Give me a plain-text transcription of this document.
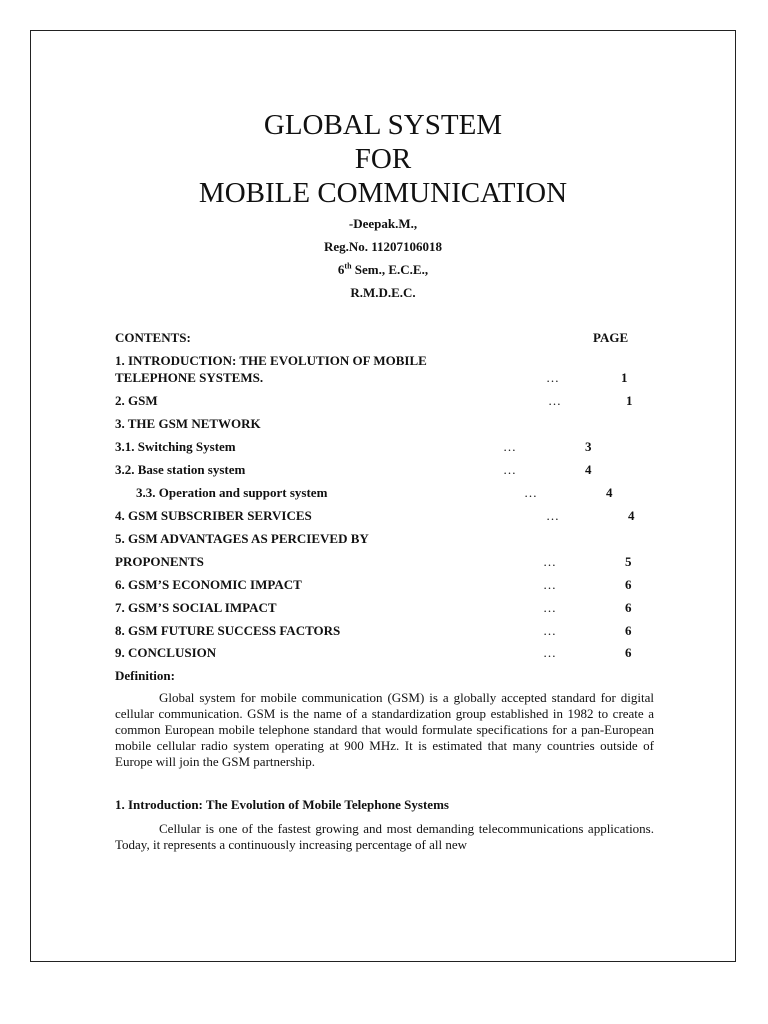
GLOBAL SYSTEM
FOR
MOBILE COMMUNICATION
-Deepak.M.,
Reg.No. 11207106018
6th Sem., E.C.E.,
R.M.D.E.C.
CONTENTS:	PAGE
1. INTRODUCTION: THE EVOLUTION OF MOBILE
TELEPHONE SYSTEMS.	…	1
2. GSM	…	1
3. THE GSM NETWORK
3.1. Switching System	…	3
3.2. Base station system	…	4
3.3. Operation and support system	…	4
4. GSM SUBSCRIBER SERVICES	…	4
5. GSM ADVANTAGES AS PERCIEVED BY
PROPONENTS	…	5
6. GSM’S ECONOMIC IMPACT	…	6
7. GSM’S SOCIAL IMPACT	…	6
8. GSM FUTURE SUCCESS FACTORS	…	6
9. CONCLUSION	…	6
Definition:

Global system for mobile communication (GSM) is a globally accepted standard for digital cellular communication. GSM is the name of a standardization group established in 1982 to create a common European mobile telephone standard that would formulate specifications for a pan-European mobile cellular radio system operating at 900 MHz. It is estimated that many countries outside of Europe will join the GSM partnership.

1. Introduction: The Evolution of Mobile Telephone Systems

Cellular is one of the fastest growing and most demanding telecommunications applications. Today, it represents a continuously increasing percentage of all new
